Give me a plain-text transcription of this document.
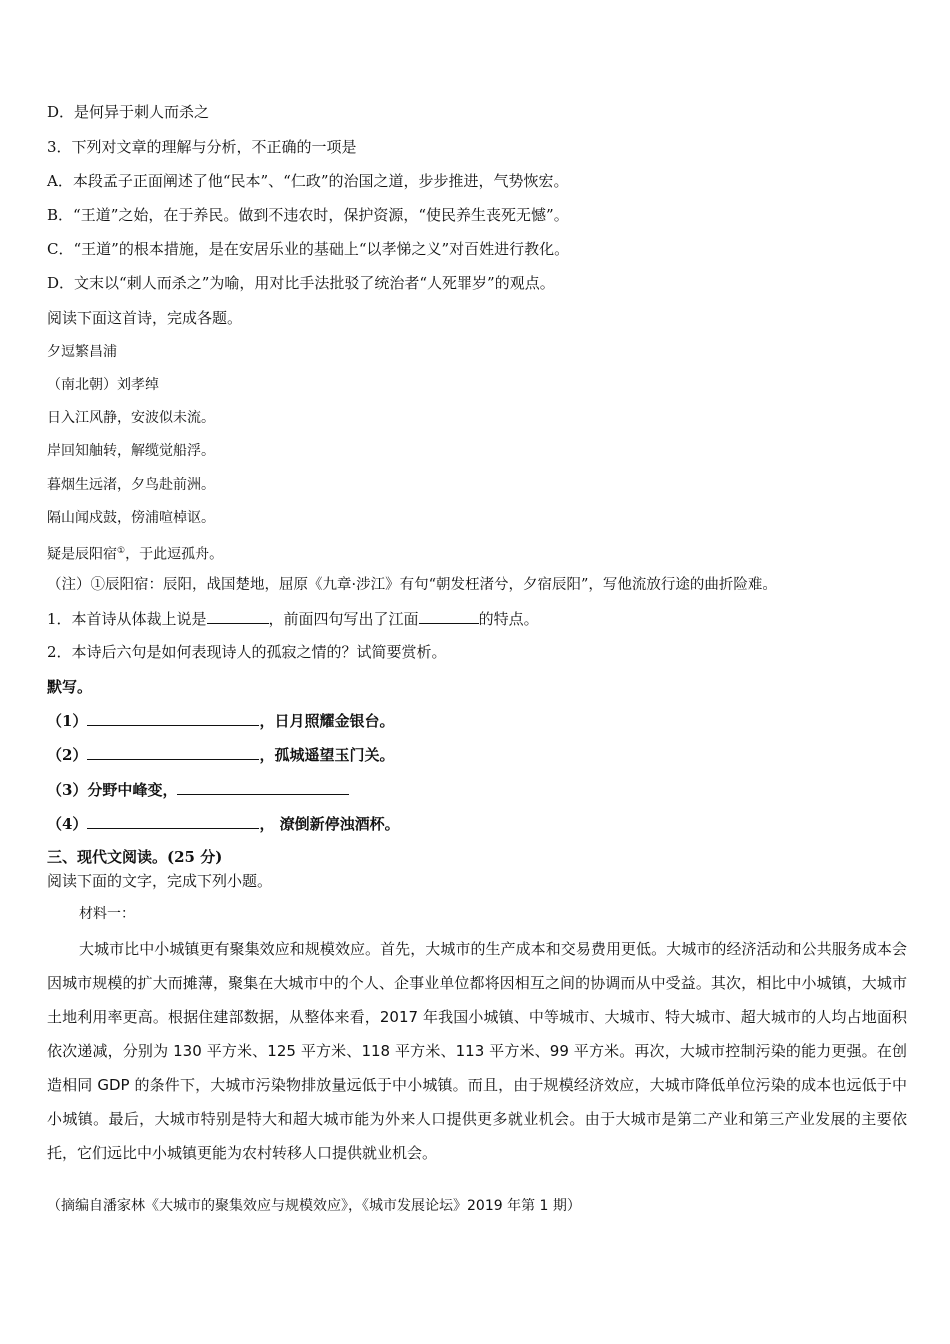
D．是何异于刺人而杀之
3．下列对文章的理解与分析，不正确的一项是
A．本段孟子正面阐述了他“民本”、“仁政”的治国之道，步步推进，气势恢宏。
B．“王道”之始，在于养民。做到不违农时，保护资源，“使民养生丧死无憾”。
C．“王道”的根本措施，是在安居乐业的基础上“以孝悌之义”对百姓进行教化。
D．文末以“刺人而杀之”为喻，用对比手法批驳了统治者“人死罪岁”的观点。
阅读下面这首诗，完成各题。
夕逗繁昌浦
（南北朝）刘孝绰
日入江风静，安波似未流。
岸回知舳转，解缆觉船浮。
暮烟生远渚，夕鸟赴前洲。
隔山闻戍鼓，傍浦喧棹讴。
疑是辰阳宿①，于此逗孤舟。
（注）①辰阳宿：辰阳，战国楚地，屈原《九章·涉江》有句“朝发枉渚兮，夕宿辰阳”，写他流放行途的曲折险难。
1．本首诗从体裁上说是	，前面四句写出了江面	的特点。
2．本诗后六句是如何表现诗人的孤寂之情的？试简要赏析。
默写。
（1）	，日月照耀金银台。
（2）	，孤城遥望玉门关。
（3）分野中峰变，
（4）	， 潦倒新停浊酒杯。
三、现代文阅读。(25 分)
阅读下面的文字，完成下列小题。
材料一：
大城市比中小城镇更有聚集效应和规模效应。首先，大城市的生产成本和交易费用更低。大城市的经济活动和公共服务成本会因城市规模的扩大而摊薄，聚集在大城市中的个人、企事业单位都将因相互之间的协调而从中受益。其次，相比中小城镇，大城市土地利用率更高。根据住建部数据，从整体来看，2017 年我国小城镇、中等城市、大城市、特大城市、超大城市的人均占地面积依次递减，分别为 130 平方米、125 平方米、118 平方米、113 平方米、99 平方米。再次，大城市控制污染的能力更强。在创造相同 GDP 的条件下，大城市污染物排放量远低于中小城镇。而且，由于规模经济效应，大城市降低单位污染的成本也远低于中小城镇。最后，大城市特别是特大和超大城市能为外来人口提供更多就业机会。由于大城市是第二产业和第三产业发展的主要依托，它们远比中小城镇更能为农村转移人口提供就业机会。
（摘编自潘家林《大城市的聚集效应与规模效应》，《城市发展论坛》2019 年第 1 期）
